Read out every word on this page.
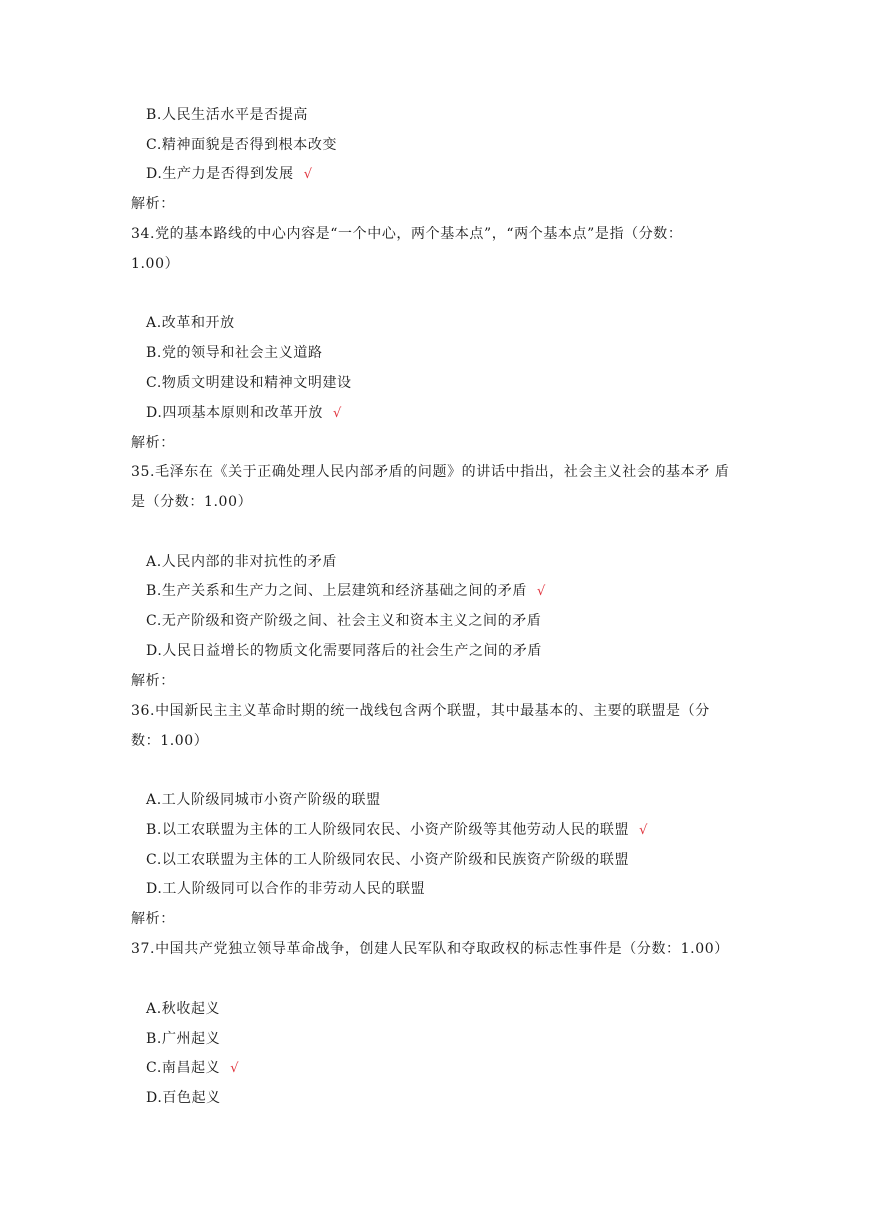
B.人民生活水平是否提高
C.精神面貌是否得到根本改变
D.生产力是否得到发展 √
解析：
34.党的基本路线的中心内容是“一个中心，两个基本点”，“两个基本点”是指（分数：
1.00）
A.改革和开放
B.党的领导和社会主义道路
C.物质文明建设和精神文明建设
D.四项基本原则和改革开放 √
解析：
35.毛泽东在《关于正确处理人民内部矛盾的问题》的讲话中指出，社会主义社会的基本矛 盾
是（分数：1.00）
A.人民内部的非对抗性的矛盾
B.生产关系和生产力之间、上层建筑和经济基础之间的矛盾 √
C.无产阶级和资产阶级之间、社会主义和资本主义之间的矛盾
D.人民日益增长的物质文化需要同落后的社会生产之间的矛盾
解析：
36.中国新民主主义革命时期的统一战线包含两个联盟，其中最基本的、主要的联盟是（分
数：1.00）
A.工人阶级同城市小资产阶级的联盟
B.以工农联盟为主体的工人阶级同农民、小资产阶级等其他劳动人民的联盟 √
C.以工农联盟为主体的工人阶级同农民、小资产阶级和民族资产阶级的联盟
D.工人阶级同可以合作的非劳动人民的联盟
解析：
37.中国共产党独立领导革命战争，创建人民军队和夺取政权的标志性事件是（分数：1.00）
A.秋收起义
B.广州起义
C.南昌起义 √
D.百色起义
